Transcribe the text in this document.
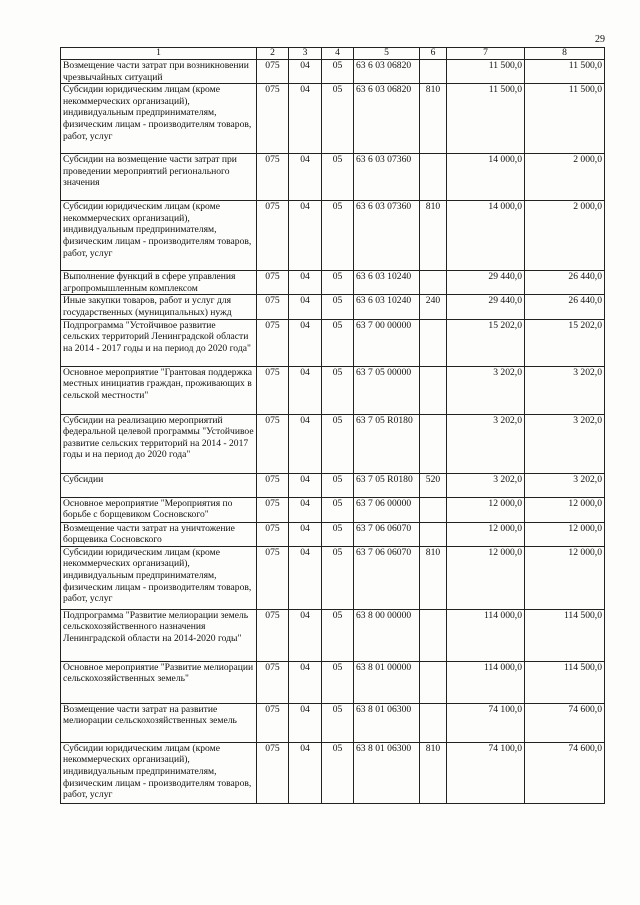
29
1	2	3	4	5	6	7	8
Возмещение части затрат при возникновении чрезвычайных ситуаций	075	04	05	63 6 03 06820		11 500,0	11 500,0
Субсидии юридическим лицам (кроме некоммерческих организаций), индивидуальным предпринимателям, физическим лицам - производителям товаров, работ, услуг	075	04	05	63 6 03 06820	810	11 500,0	11 500,0
Субсидии на возмещение части затрат при проведении мероприятий регионального значения	075	04	05	63 6 03 07360		14 000,0	2 000,0
Субсидии юридическим лицам (кроме некоммерческих организаций), индивидуальным предпринимателям, физическим лицам - производителям товаров, работ, услуг	075	04	05	63 6 03 07360	810	14 000,0	2 000,0
Выполнение функций в сфере управления агропромышленным комплексом	075	04	05	63 6 03 10240		29 440,0	26 440,0
Иные закупки товаров, работ и услуг для государственных (муниципальных) нужд	075	04	05	63 6 03 10240	240	29 440,0	26 440,0
Подпрограмма "Устойчивое развитие сельских территорий Ленинградской области на 2014 - 2017 годы и на период до 2020 года"	075	04	05	63 7 00 00000		15 202,0	15 202,0
Основное мероприятие "Грантовая поддержка местных инициатив граждан, проживающих в сельской местности"	075	04	05	63 7 05 00000		3 202,0	3 202,0
Субсидии на реализацию мероприятий федеральной целевой программы "Устойчивое развитие сельских территорий на 2014 - 2017 годы и на период до 2020 года"	075	04	05	63 7 05 R0180		3 202,0	3 202,0
Субсидии	075	04	05	63 7 05 R0180	520	3 202,0	3 202,0
Основное мероприятие "Мероприятия по борьбе с борщевиком Сосновского"	075	04	05	63 7 06 00000		12 000,0	12 000,0
Возмещение части затрат на уничтожение борщевика Сосновского	075	04	05	63 7 06 06070		12 000,0	12 000,0
Субсидии юридическим лицам (кроме некоммерческих организаций), индивидуальным предпринимателям, физическим лицам - производителям товаров, работ, услуг	075	04	05	63 7 06 06070	810	12 000,0	12 000,0
Подпрограмма "Развитие мелиорации земель сельскохозяйственного назначения Ленинградской области на 2014-2020 годы"	075	04	05	63 8 00 00000		114 000,0	114 500,0
Основное мероприятие "Развитие мелиорации сельскохозяйственных земель"	075	04	05	63 8 01 00000		114 000,0	114 500,0
Возмещение части затрат на развитие мелиорации сельскохозяйственных земель	075	04	05	63 8 01 06300		74 100,0	74 600,0
Субсидии юридическим лицам (кроме некоммерческих организаций), индивидуальным предпринимателям, физическим лицам - производителям товаров, работ, услуг	075	04	05	63 8 01 06300	810	74 100,0	74 600,0
